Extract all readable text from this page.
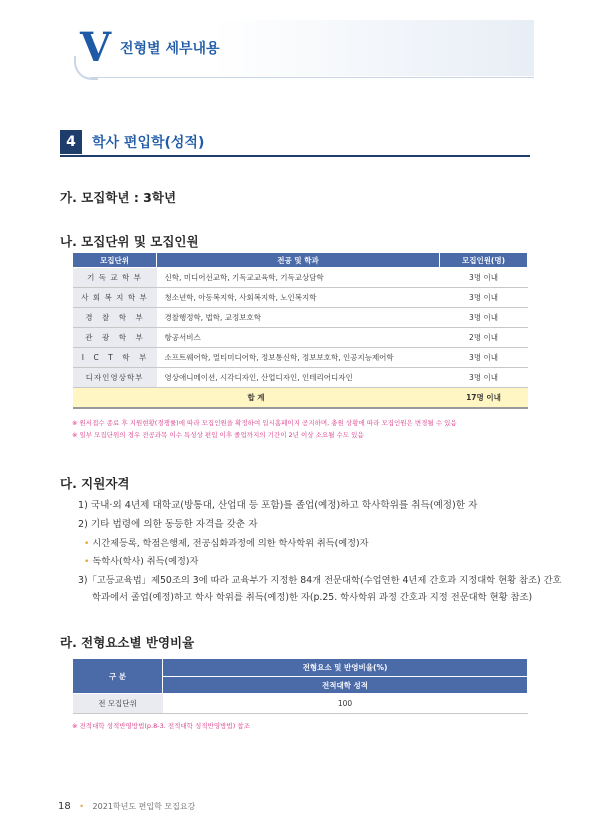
V 전형별 세부내용
4	학사 편입학(성적)
가. 모집학년 : 3학년
나. 모집단위 및 모집인원
모집단위	전공 및 학과	모집인원(명)
기 독 교 학 부	신학, 미디어선교학, 기독교교육학, 기독교상담학	3명 이내
사 회 복 지 학 부	청소년학, 아동복지학, 사회복지학, 노인복지학	3명 이내
경　찰　학　부	경찰행정학, 법학, 교정보호학	3명 이내
관　광　학　부	항공서비스	2명 이내
I　C　T　학　부	소프트웨어학, 멀티미디어학, 정보통신학, 정보보호학, 인공지능제어학	3명 이내
디자인영상학부	영상애니메이션, 시각디자인, 산업디자인, 인테리어디자인	3명 이내
합 계		17명 이내
※ 원서접수 종료 후 지원현황(경쟁률)에 따라 모집인원을 확정하여 입시홈페이지 공지하며, 충원 상황에 따라 모집인원은 변경될 수 있음
※ 일부 모집단위의 경우 전공과목 이수 특성상 편입 이후 졸업까지의 기간이 2년 이상 소요될 수도 있음
다. 지원자격
1) 국내·외 4년제 대학교(방통대, 산업대 등 포함)를 졸업(예정)하고 학사학위를 취득(예정)한 자
2) 기타 법령에 의한 동등한 자격을 갖춘 자
• 시간제등록, 학점은행제, 전공심화과정에 의한 학사학위 취득(예정)자
• 독학사(학사) 취득(예정)자
3)「고등교육법」제50조의 3에 따라 교육부가 지정한 84개 전문대학(수업연한 4년제 간호과 지정대학 현황 참조) 간호
학과에서 졸업(예정)하고 학사 학위를 취득(예정)한 자(p.25. 학사학위 과정 간호과 지정 전문대학 현황 참조)
라. 전형요소별 반영비율
구 분	전형요소 및 반영비율(%)
	전적대학 성적
전 모집단위	100
※ 전적대학 성적반영방법(p.8-3. 전적대학 성적반영방법) 참조
18 • 2021학년도 편입학 모집요강
